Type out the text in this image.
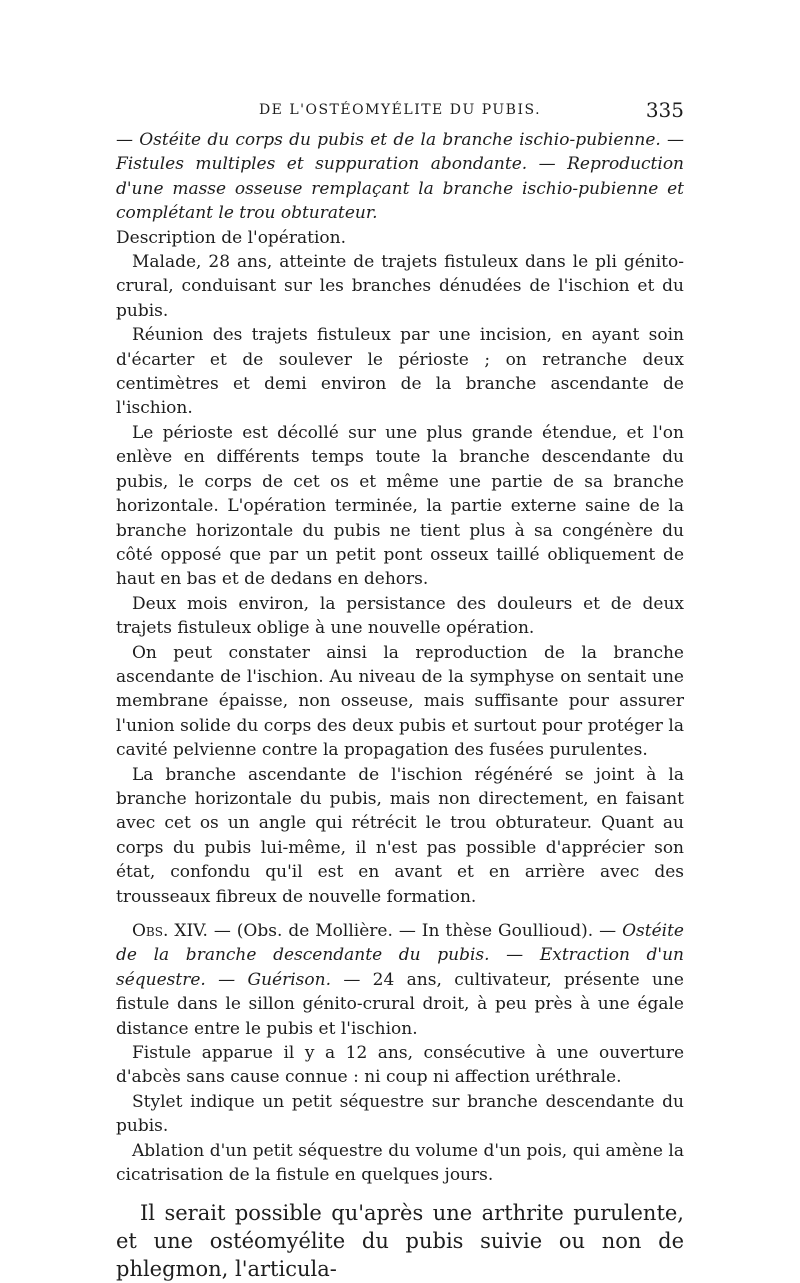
DE L'OSTÉOMYÉLITE DU PUBIS.	335

— Ostéite du corps du pubis et de la branche ischio-pubienne. — Fistules multiples et suppuration abondante. — Reproduction d'une masse osseuse remplaçant la branche ischio-pubienne et complétant le trou obturateur.

Description de l'opération.

Malade, 28 ans, atteinte de trajets fistuleux dans le pli génito-crural, conduisant sur les branches dénudées de l'ischion et du pubis.

Réunion des trajets fistuleux par une incision, en ayant soin d'écarter et de soulever le périoste ; on retranche deux centimètres et demi environ de la branche ascendante de l'ischion.

Le périoste est décollé sur une plus grande étendue, et l'on enlève en différents temps toute la branche descendante du pubis, le corps de cet os et même une partie de sa branche horizontale. L'opération terminée, la partie externe saine de la branche horizontale du pubis ne tient plus à sa congénère du côté opposé que par un petit pont osseux taillé obliquement de haut en bas et de dedans en dehors.

Deux mois environ, la persistance des douleurs et de deux trajets fistuleux oblige à une nouvelle opération.

On peut constater ainsi la reproduction de la branche ascendante de l'ischion. Au niveau de la symphyse on sentait une membrane épaisse, non osseuse, mais suffisante pour assurer l'union solide du corps des deux pubis et surtout pour protéger la cavité pelvienne contre la propagation des fusées purulentes.

La branche ascendante de l'ischion régénéré se joint à la branche horizontale du pubis, mais non directement, en faisant avec cet os un angle qui rétrécit le trou obturateur. Quant au corps du pubis lui-même, il n'est pas possible d'apprécier son état, confondu qu'il est en avant et en arrière avec des trousseaux fibreux de nouvelle formation.

Obs. XIV. — (Obs. de Mollière. — In thèse Goullioud). — Ostéite de la branche descendante du pubis. — Extraction d'un séquestre. — Guérison. — 24 ans, cultivateur, présente une fistule dans le sillon génito-crural droit, à peu près à une égale distance entre le pubis et l'ischion.

Fistule apparue il y a 12 ans, consécutive à une ouverture d'abcès sans cause connue : ni coup ni affection uréthrale.

Stylet indique un petit séquestre sur branche descendante du pubis.

Ablation d'un petit séquestre du volume d'un pois, qui amène la cicatrisation de la fistule en quelques jours.

Il serait possible qu'après une arthrite purulente, et une ostéomyélite du pubis suivie ou non de phlegmon, l'articula-
